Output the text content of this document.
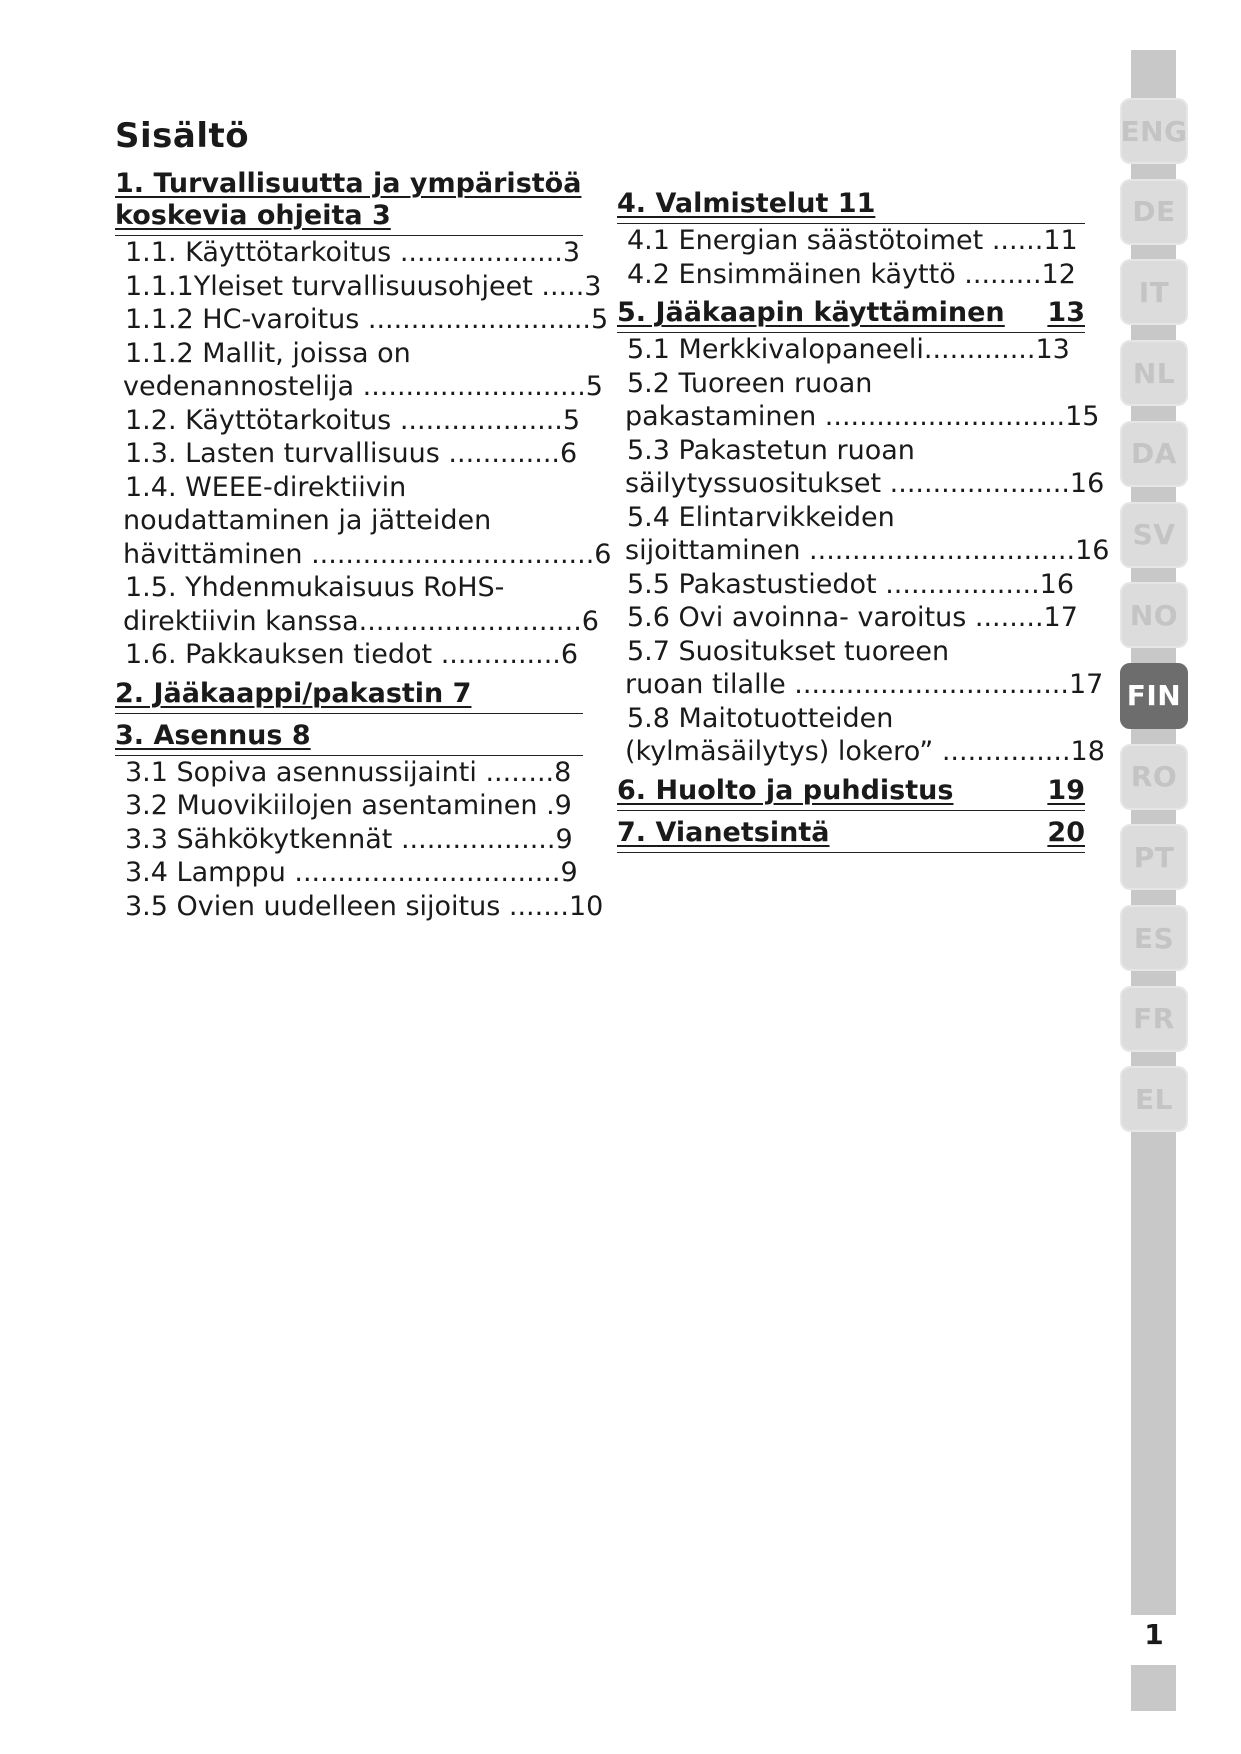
Sisältö
1. Turvallisuutta ja ympäristöä koskevia ohjeita 3
1.1. Käyttötarkoitus ...................3
1.1.1Yleiset turvallisuusohjeet .....3
1.1.2 HC-varoitus ..........................5
1.1.2 Mallit, joissa on
vedenannostelija ..........................5
1.2. Käyttötarkoitus ...................5
1.3. Lasten turvallisuus .............6
1.4. WEEE-direktiivin
noudattaminen ja jätteiden
hävittäminen .................................6
1.5. Yhdenmukaisuus RoHS-
direktiivin kanssa..........................6
1.6. Pakkauksen tiedot ..............6
2. Jääkaappi/pakastin 7
3. Asennus 8
3.1 Sopiva asennussijainti ........8
3.2 Muovikiilojen asentaminen .9
3.3 Sähkökytkennät ..................9
3.4 Lamppu ...............................9
3.5 Ovien uudelleen sijoitus .......10
4. Valmistelut 11
4.1 Energian säästötoimet ......11
4.2 Ensimmäinen käyttö .........12
5. Jääkaapin käyttäminen 13
5.1 Merkkivalopaneeli.............13
5.2 Tuoreen ruoan
pakastaminen ............................15
5.3 Pakastetun ruoan
säilytyssuositukset .....................16
5.4 Elintarvikkeiden
sijoittaminen ...............................16
5.5 Pakastustiedot ..................16
5.6 Ovi avoinna- varoitus ........17
5.7 Suositukset tuoreen
ruoan tilalle ................................17
5.8 Maitotuotteiden
(kylmäsäilytys) lokero” ...............18
6. Huolto ja puhdistus	19
7. Vianetsintä	20
ENG
DE
IT
NL
DA
SV
NO
FIN
RO
PT
ES
FR
EL
1
